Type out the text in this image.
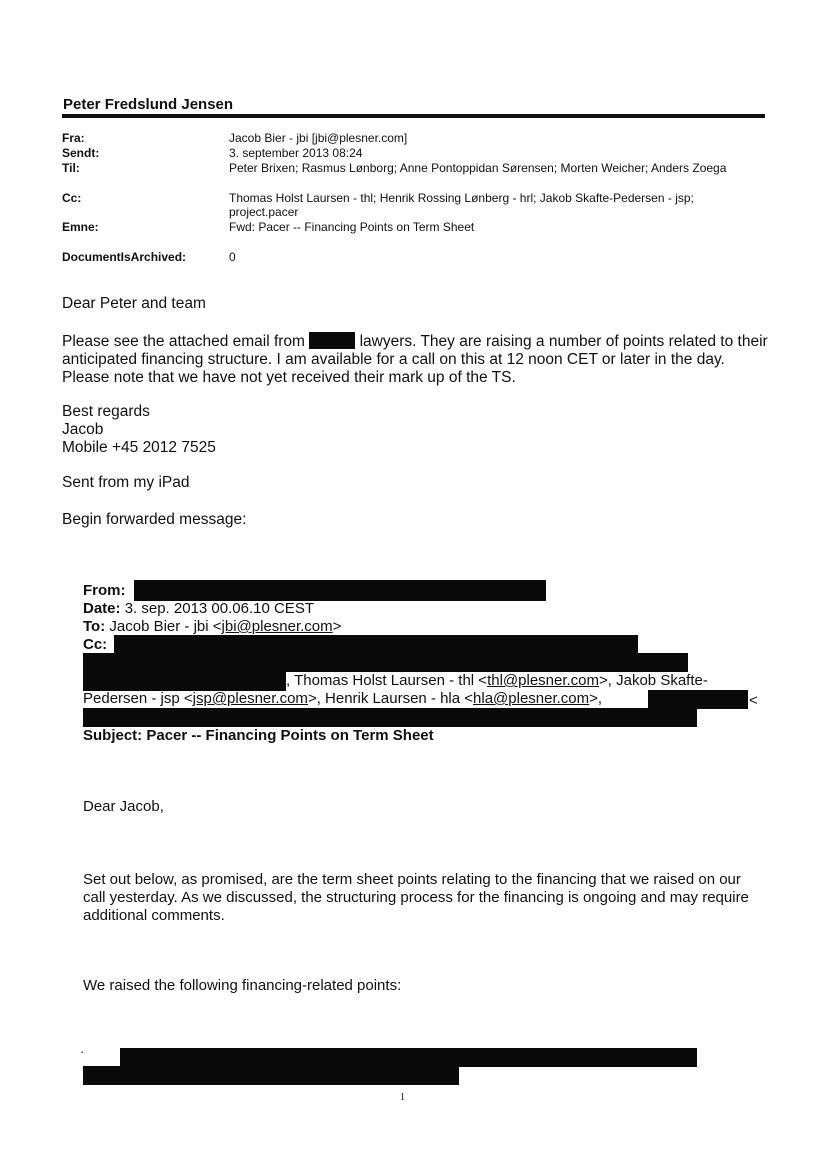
Peter Fredslund Jensen
Fra:	Jacob Bier - jbi [jbi@plesner.com]
Sendt:	3. september 2013 08:24
Til:	Peter Brixen; Rasmus Lønborg; Anne Pontoppidan Sørensen; Morten Weicher; Anders Zoega
Cc:	Thomas Holst Laursen - thl; Henrik Rossing Lønberg - hrl; Jakob Skafte-Pedersen - jsp; project.pacer
Emne:	Fwd: Pacer -- Financing Points on Term Sheet
DocumentIsArchived:	0
Dear Peter and team
Please see the attached email from	lawyers. They are raising a number of points related to their anticipated financing structure. I am available for a call on this at 12 noon CET or later in the day. Please note that we have not yet received their mark up of the TS.
Best regards
Jacob
Mobile +45 2012 7525
Sent from my iPad
Begin forwarded message:
From:
Date: 3. sep. 2013 00.06.10 CEST
To: Jacob Bier - jbi <jbi@plesner.com>
Cc:
, Thomas Holst Laursen - thl <thl@plesner.com>, Jakob Skafte-
Pedersen - jsp <jsp@plesner.com>, Henrik Laursen - hla <hla@plesner.com>,	<
Subject: Pacer -- Financing Points on Term Sheet
Dear Jacob,
Set out below, as promised, are the term sheet points relating to the financing that we raised on our call yesterday. As we discussed, the structuring process for the financing is ongoing and may require additional comments.
We raised the following financing-related points:
·
1
